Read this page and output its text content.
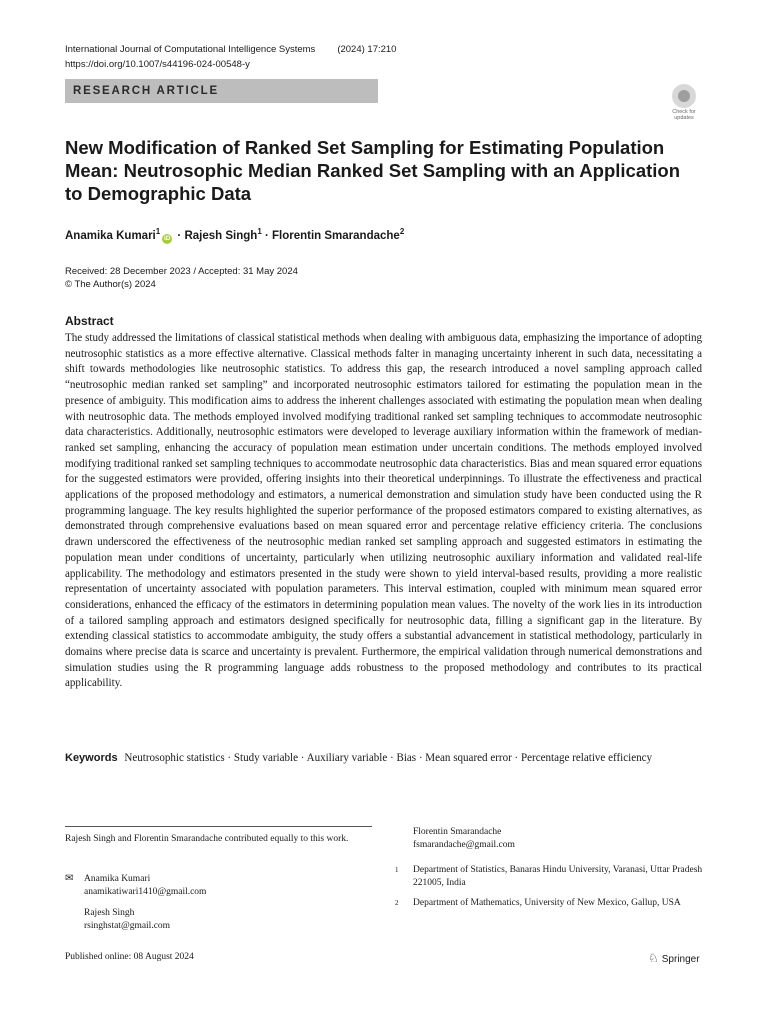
International Journal of Computational Intelligence Systems (2024) 17:210
https://doi.org/10.1007/s44196-024-00548-y
RESEARCH ARTICLE
Check for updates
New Modification of Ranked Set Sampling for Estimating Population Mean: Neutrosophic Median Ranked Set Sampling with an Application to Demographic Data
Anamika Kumari$^1$iD · Rajesh Singh$^1$ · Florentin Smarandache$^2$
Received: 28 December 2023 / Accepted: 31 May 2024
© The Author(s) 2024
Abstract

The study addressed the limitations of classical statistical methods when dealing with ambiguous data, emphasizing the importance of adopting neutrosophic statistics as a more effective alternative. Classical methods falter in managing uncertainty inherent in such data, necessitating a shift towards methodologies like neutrosophic statistics. To address this gap, the research introduced a novel sampling approach called “neutrosophic median ranked set sampling” and incorporated neutrosophic estimators tailored for estimating the population mean in the presence of ambiguity. This modification aims to address the inherent challenges associated with estimating the population mean when dealing with neutrosophic data. The methods employed involved modifying traditional ranked set sampling techniques to accommodate neutrosophic data characteristics. Additionally, neutrosophic estimators were developed to leverage auxiliary information within the framework of median-ranked set sampling, enhancing the accuracy of population mean estimation under uncertain conditions. The methods employed involved modifying traditional ranked set sampling techniques to accommodate neutrosophic data characteristics. Bias and mean squared error equations for the suggested estimators were provided, offering insights into their theoretical underpinnings. To illustrate the effectiveness and practical applications of the proposed methodology and estimators, a numerical demonstration and simulation study have been conducted using the R programming language. The key results highlighted the superior performance of the proposed estimators compared to existing alternatives, as demonstrated through comprehensive evaluations based on mean squared error and percentage relative efficiency criteria. The conclusions drawn underscored the effectiveness of the neutrosophic median ranked set sampling approach and suggested estimators in estimating the population mean under conditions of uncertainty, particularly when utilizing neutrosophic auxiliary information and validated real-life applicability. The methodology and estimators presented in the study were shown to yield interval-based results, providing a more realistic representation of uncertainty associated with population parameters. This interval estimation, coupled with minimum mean squared error considerations, enhanced the efficacy of the estimators in determining population mean values. The novelty of the work lies in its introduction of a tailored sampling approach and estimators designed specifically for neutrosophic data, filling a significant gap in the literature. By extending classical statistics to accommodate ambiguity, the study offers a substantial advancement in statistical methodology, particularly in domains where precise data is scarce and uncertainty is prevalent. Furthermore, the empirical validation through numerical demonstrations and simulation studies using the R programming language adds robustness to the proposed methodology and contributes to its practical applicability.

Keywords Neutrosophic statistics · Study variable · Auxiliary variable · Bias · Mean squared error · Percentage relative efficiency
Rajesh Singh and Florentin Smarandache contributed equally to this work.
✉ Anamika Kumari
anamikatiwari1410@gmail.com
Rajesh Singh
rsinghstat@gmail.com
Florentin Smarandache
fsmarandache@gmail.com
1 Department of Statistics, Banaras Hindu University, Varanasi, Uttar Pradesh 221005, India
2 Department of Mathematics, University of New Mexico, Gallup, USA
Published online: 08 August 2024	♘ Springer
